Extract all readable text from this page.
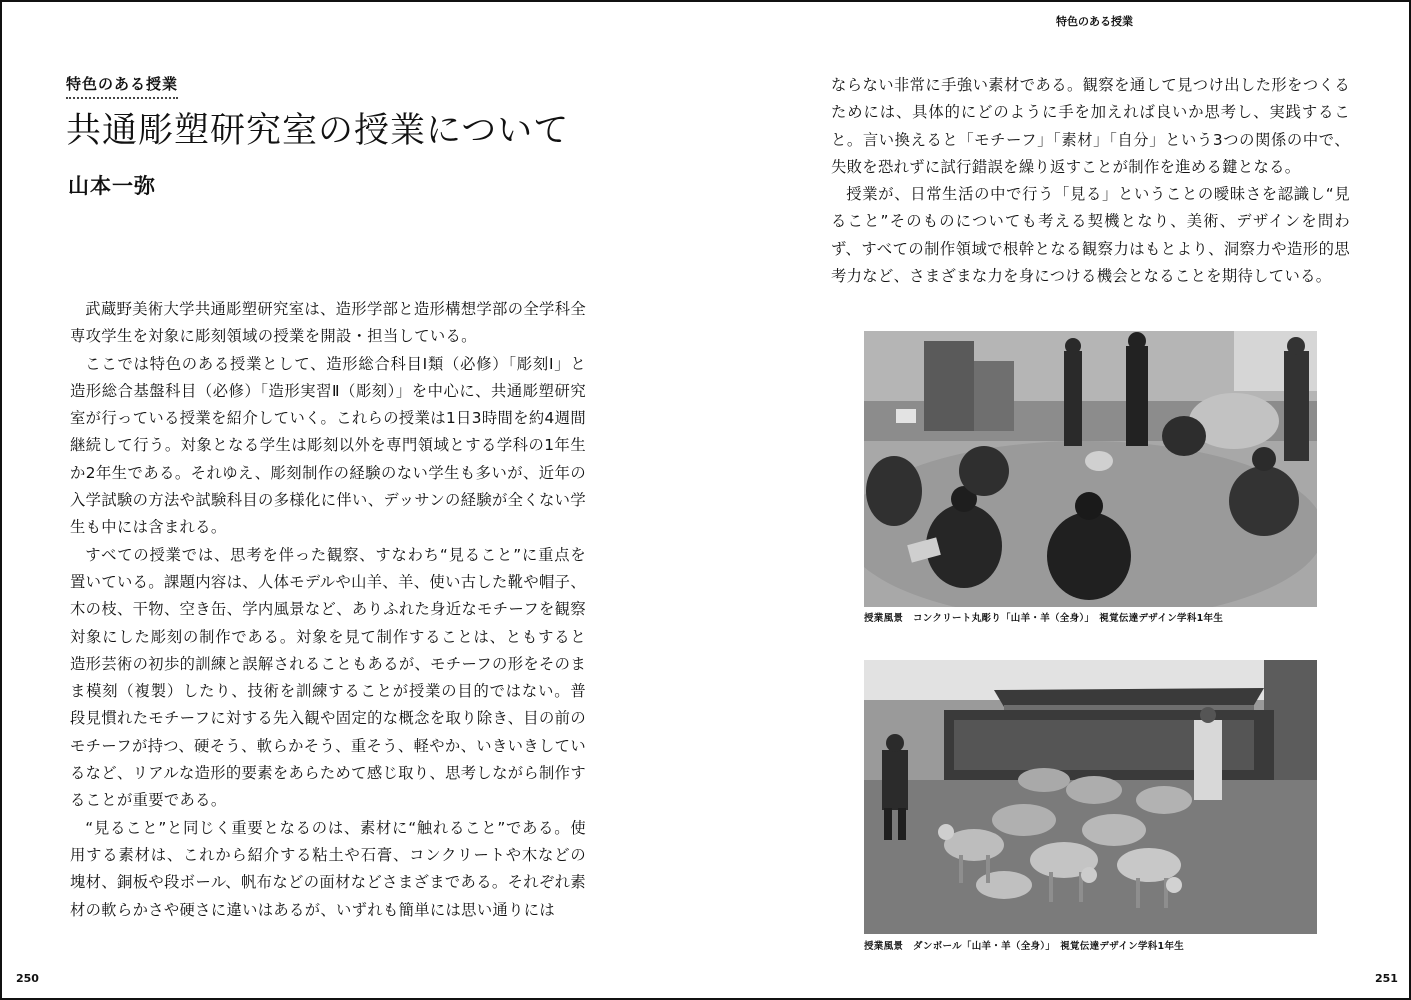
特色のある授業
特色のある授業
共通彫塑研究室の授業について
山本一弥

武蔵野美術大学共通彫塑研究室は、造形学部と造形構想学部の全学科全専攻学生を対象に彫刻領域の授業を開設・担当している。

ここでは特色のある授業として、造形総合科目Ⅰ類（必修）「彫刻Ⅰ」と造形総合基盤科目（必修）「造形実習Ⅱ（彫刻）」を中心に、共通彫塑研究室が行っている授業を紹介していく。これらの授業は1日3時間を約4週間継続して行う。対象となる学生は彫刻以外を専門領域とする学科の1年生か2年生である。それゆえ、彫刻制作の経験のない学生も多いが、近年の入学試験の方法や試験科目の多様化に伴い、デッサンの経験が全くない学生も中には含まれる。

すべての授業では、思考を伴った観察、すなわち“見ること”に重点を置いている。課題内容は、人体モデルや山羊、羊、使い古した靴や帽子、木の枝、干物、空き缶、学内風景など、ありふれた身近なモチーフを観察対象にした彫刻の制作である。対象を見て制作することは、ともすると造形芸術の初歩的訓練と誤解されることもあるが、モチーフの形をそのまま模刻（複製）したり、技術を訓練することが授業の目的ではない。普段見慣れたモチーフに対する先入観や固定的な概念を取り除き、目の前のモチーフが持つ、硬そう、軟らかそう、重そう、軽やか、いきいきしているなど、リアルな造形的要素をあらためて感じ取り、思考しながら制作することが重要である。

“見ること”と同じく重要となるのは、素材に“触れること”である。使用する素材は、これから紹介する粘土や石膏、コンクリートや木などの塊材、銅板や段ボール、帆布などの面材などさまざまである。それぞれ素材の軟らかさや硬さに違いはあるが、いずれも簡単には思い通りには

250

ならない非常に手強い素材である。観察を通して見つけ出した形をつくるためには、具体的にどのように手を加えれば良いか思考し、実践すること。言い換えると「モチーフ」「素材」「自分」という3つの関係の中で、失敗を恐れずに試行錯誤を繰り返すことが制作を進める鍵となる。

授業が、日常生活の中で行う「見る」ということの曖昧さを認識し“見ること”そのものについても考える契機となり、美術、デザインを問わず、すべての制作領域で根幹となる観察力はもとより、洞察力や造形的思考力など、さまざまな力を身につける機会となることを期待している。

授業風景　コンクリート丸彫り「山羊・羊（全身）」　視覚伝達デザイン学科1年生
授業風景　ダンボール「山羊・羊（全身）」　視覚伝達デザイン学科1年生
251
